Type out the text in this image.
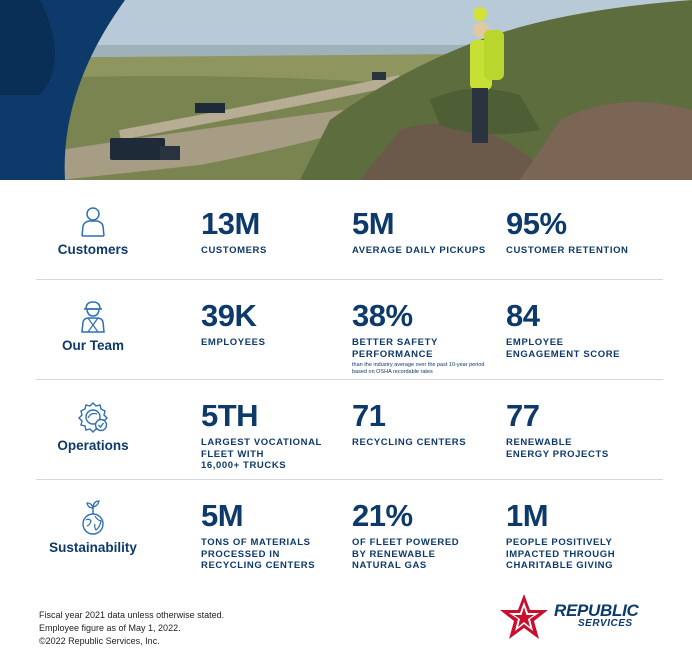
Customers
13M
CUSTOMERS
5M
AVERAGE DAILY PICKUPS
95%
CUSTOMER RETENTION
Our Team
39K
EMPLOYEES
38%
BETTER SAFETY
PERFORMANCE
than the industry average over the past 10-year period based on OSHA recordable rates
84
EMPLOYEE
ENGAGEMENT SCORE
Operations
5TH
LARGEST VOCATIONAL
FLEET WITH
16,000+ TRUCKS
71
RECYCLING CENTERS
77
RENEWABLE
ENERGY PROJECTS
Sustainability
5M
TONS OF MATERIALS
PROCESSED IN
RECYCLING CENTERS
21%
OF FLEET POWERED
BY RENEWABLE
NATURAL GAS
1M
PEOPLE POSITIVELY
IMPACTED THROUGH
CHARITABLE GIVING
Fiscal year 2021 data unless otherwise stated.
Employee figure as of May 1, 2022.
©2022 Republic Services, Inc.
REPUBLIC
SERVICES
